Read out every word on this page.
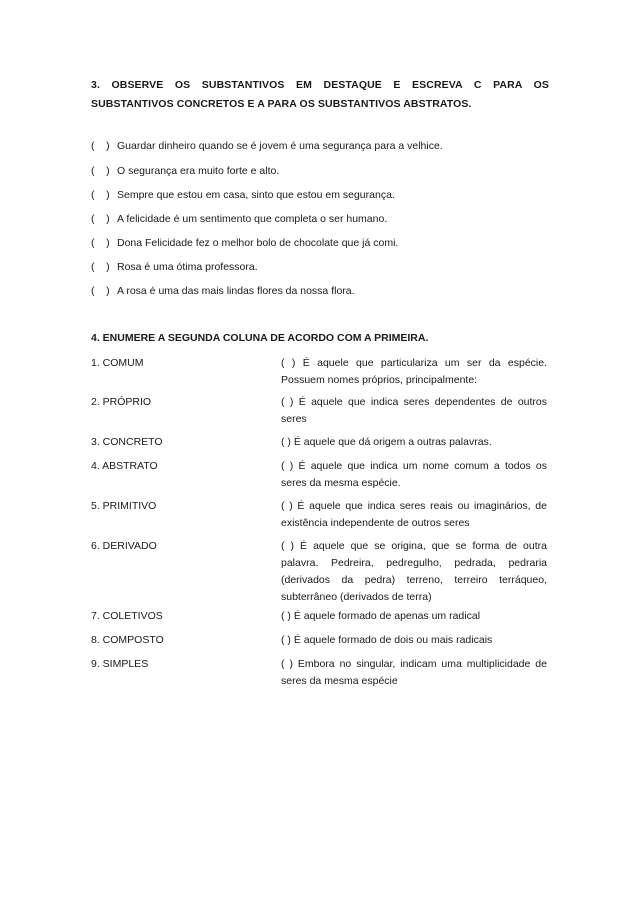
3. OBSERVE OS SUBSTANTIVOS EM DESTAQUE E ESCREVA C PARA OS SUBSTANTIVOS CONCRETOS E A PARA OS SUBSTANTIVOS ABSTRATOS.
(    ) Guardar dinheiro quando se é jovem é uma segurança para a velhice.
(    ) O segurança era muito forte e alto.
(    ) Sempre que estou em casa, sinto que estou em segurança.
(    ) A felicidade é um sentimento que completa o ser humano.
(    ) Dona Felicidade fez o melhor bolo de chocolate que já comi.
(    ) Rosa é uma ótima professora.
(    ) A rosa é uma das mais lindas flores da nossa flora.
4. ENUMERE A SEGUNDA COLUNA DE ACORDO COM A PRIMEIRA.
1. COMUM	( ) É aquele que particulariza um ser da espécie. Possuem nomes próprios, principalmente:
2. PRÓPRIO	( ) É aquele que indica seres dependentes de outros seres
3. CONCRETO	( ) É aquele que dá origem a outras palavras.
4. ABSTRATO	( ) É aquele que indica um nome comum a todos os seres da mesma espécie.
5. PRIMITIVO	( ) É aquele que indica seres reais ou imaginários, de existência independente de outros seres
6. DERIVADO	( ) É aquele que se origina, que se forma de outra palavra. Pedreira, pedregulho, pedrada, pedraria (derivados da pedra) terreno, terreiro terráqueo, subterrâneo (derivados de terra)
7. COLETIVOS	( ) É aquele formado de apenas um radical
8. COMPOSTO	( ) É aquele formado de dois ou mais radicais
9. SIMPLES	( ) Embora no singular, indicam uma multiplicidade de seres da mesma espécie
